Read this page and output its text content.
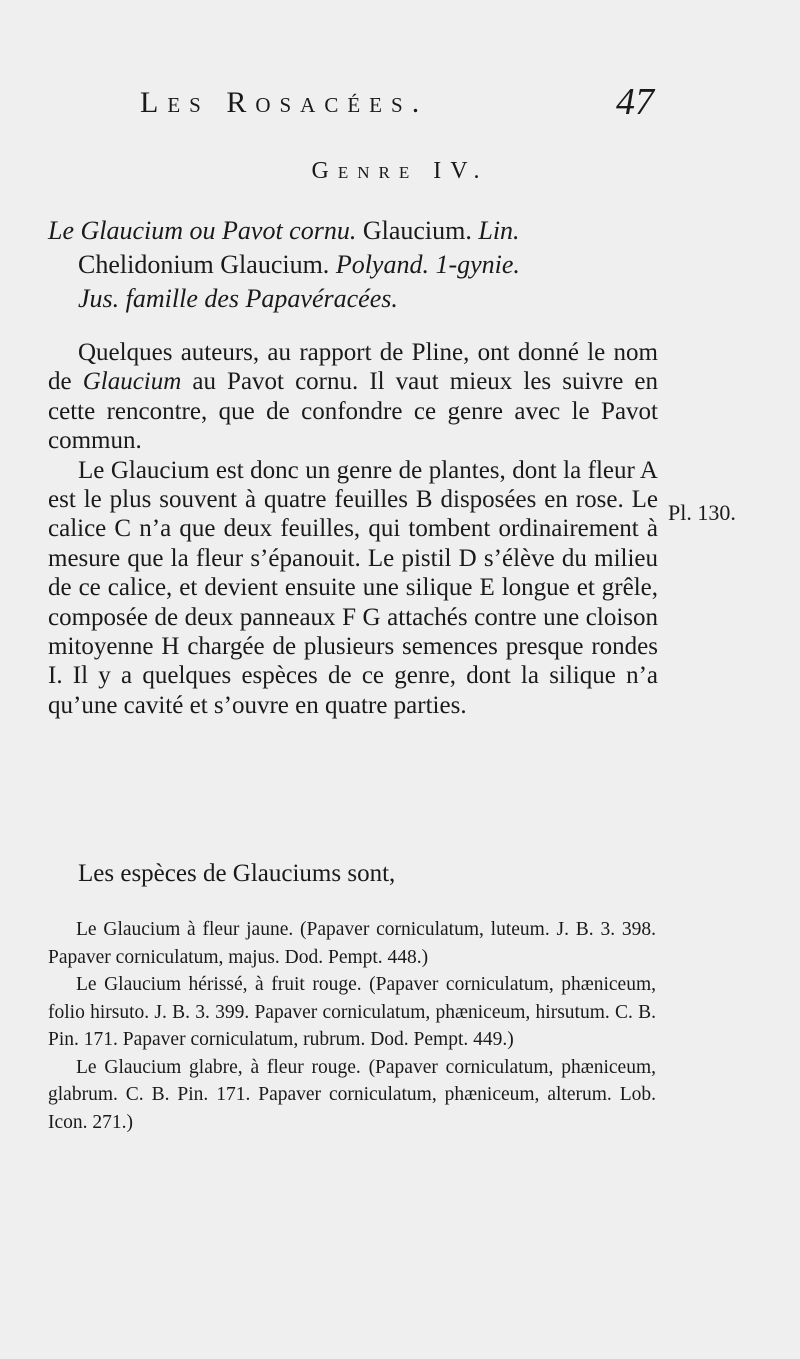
Les Rosacées.	47
Genre IV.
Le Glaucium ou Pavot cornu. Glaucium. Lin.
Chelidonium Glaucium. Polyand. 1-gynie.
Jus. famille des Papavéracées.

Quelques auteurs, au rapport de Pline, ont donné le nom de Glaucium au Pavot cornu. Il vaut mieux les suivre en cette rencontre, que de confondre ce genre avec le Pavot commun.

Le Glaucium est donc un genre de plantes, dont la fleur A est le plus souvent à quatre feuilles B disposées en rose. Le calice C n’a que deux feuilles, qui tombent ordinairement à mesure que la fleur s’épanouit. Le pistil D s’élève du milieu de ce calice, et devient ensuite une silique E longue et grêle, composée de deux panneaux F G attachés contre une cloison mitoyenne H chargée de plusieurs semences presque rondes I. Il y a quelques espèces de ce genre, dont la silique n’a qu’une cavité et s’ouvre en quatre parties.

Pl. 130.
Les espèces de Glauciums sont,

Le Glaucium à fleur jaune. (Papaver corniculatum, luteum. J. B. 3. 398. Papaver corniculatum, majus. Dod. Pempt. 448.)

Le Glaucium hérissé, à fruit rouge. (Papaver corniculatum, phæniceum, folio hirsuto. J. B. 3. 399. Papaver corniculatum, phæniceum, hirsutum. C. B. Pin. 171. Papaver corniculatum, rubrum. Dod. Pempt. 449.)

Le Glaucium glabre, à fleur rouge. (Papaver corniculatum, phæniceum, glabrum. C. B. Pin. 171. Papaver corniculatum, phæniceum, alterum. Lob. Icon. 271.)
